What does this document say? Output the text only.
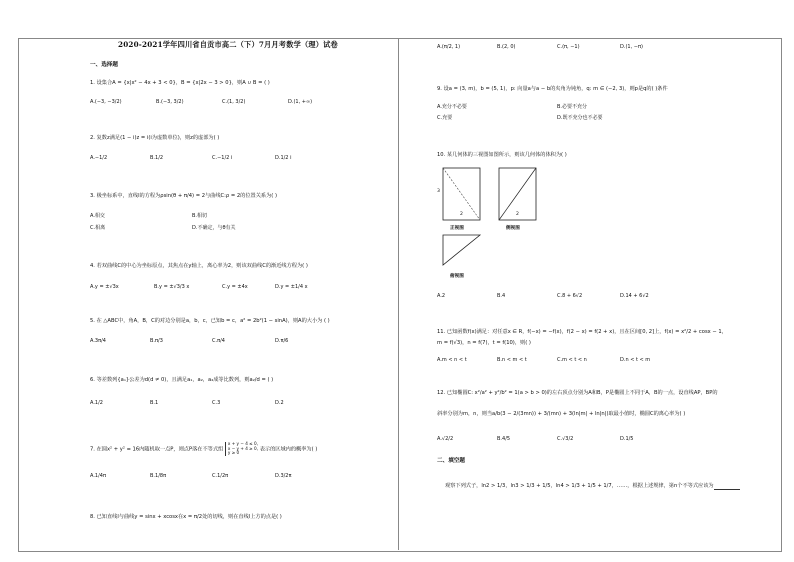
2020-2021学年四川省自贡市高二（下）7月月考数学（理）试卷
一、选择题
1. 设集合A = {x|x² − 4x + 3 < 0}，B = {x|2x − 3 > 0}，则A ∪ B = ( )
A.(−3, −3/2)	B.(−3, 3/2)	C.(1, 3/2)	D.(1, +∞)
2. 复数z满足(1 − i)z = i(i为虚数单位)，则z的虚部为( )
A.−1/2	B.1/2	C.−1/2 i	D.1/2 i
3. 极坐标系中，直线l的方程为ρsin(θ + π/4) = 2与曲线C:ρ = 2的位置关系为( )
A.相交	B.相切
C.相离	D.不确定，与θ有关
4. 若双曲线C的中心为坐标原点，其焦点在y轴上，离心率为2，则该双曲线C的渐近线方程为( )
A.y = ±√3x	B.y = ±√3/3 x	C.y = ±4x	D.y = ±1/4 x
5. 在 △ABC中，角A，B，C的对边分别是a，b，c，已知b = c，a² = 2b²(1 − sinA)，则A的大小为 ( )
A.3π/4	B.π/3	C.π/4	D.π/6
6. 等差数列{aₙ}公差为d(d ≠ 0)，且满足a₁，a₂，a₄成等比数列，则a₂/d = ( )
A.1/2	B.1	C.3	D.2
7. 在圆x² + y² = 16内随机取一点P，则点P落在不等式组
x + y − 4 ≤ 0,
x − y + 4 ≥ 0,
y ≥ 0
表示的区域内的概率为( )
A.1/4π	B.1/8π	C.1/2π	D.3/2π
8. 已知直线l与曲线y = sinx + xcosx在x = π/2处的切线，则在直线l上方的点是( )
A.(π/2, 1)	B.(2, 0)	C.(π, −1)	D.(1, −π)
9. 设a = (3, m)，b = (5, 1)，p: 向量a与a − b的夹角为钝角，q: m ∈ (−2, 3)，则p是q的( )条件
A.充分不必要	B.必要不充分
C.充要	D.既不充分也不必要
10. 某几何体的三视图如图所示，则该几何体的体积为( )
3
2	2
正视图	侧视图
俯视图
A.2	B.4	C.8 + 6√2	D.14 + 6√2
11. 已知函数f(x)满足：对任意x ∈ R，f(−x) = −f(x)，f(2 − x) = f(2 + x)，且在区间[0, 2]上，f(x) = x²/2 + cosx − 1，
m = f(√3)，n = f(7)，t = f(10)，则( )
A.m < n < t	B.n < m < t	C.m < t < n	D.n < t < m
12. 已知椭圆C: x²/a² + y²/b² = 1(a > b > 0)的左右顶点分别为A和B，P是椭圆上不同于A，B的一点，设直线AP，BP的
斜率分别为m，n，则当a/b(3 − 2/(3mn)) + 3/(mn) + 3(ln|m| + ln|n|)取最小值时，椭圆C的离心率为( )
A.√2/2	B.4/5	C.√3/2	D.1/5
二、填空题
观察下列式子，ln2 > 1/3，ln3 > 1/3 + 1/5，ln4 > 1/3 + 1/5 + 1/7，……，根据上述规律，第n个不等式应该为
